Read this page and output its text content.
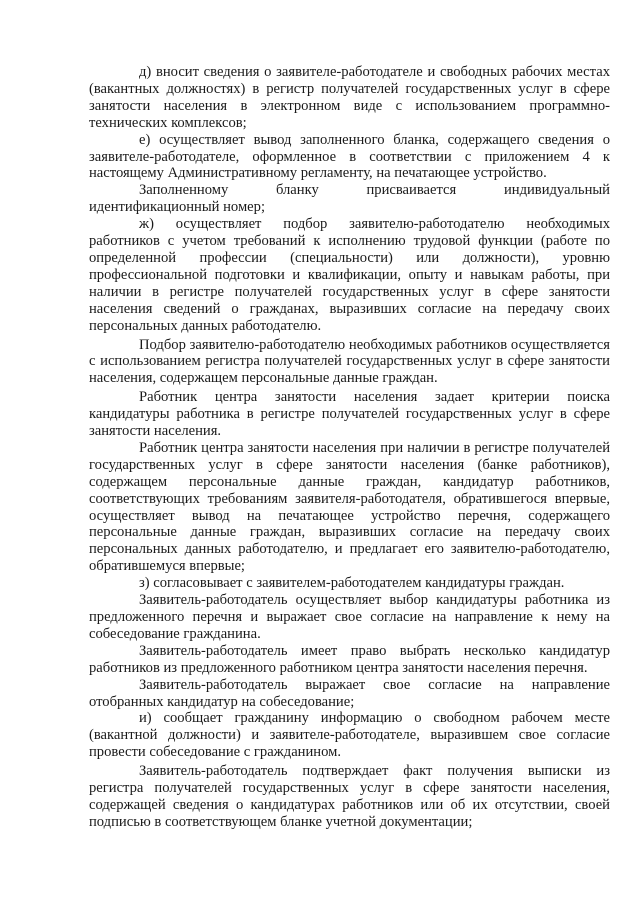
д) вносит сведения о заявителе-работодателе и свободных рабочих местах (вакантных должностях) в регистр получателей государственных услуг в сфере занятости населения в электронном виде с использованием программно-технических комплексов;

е) осуществляет вывод заполненного бланка, содержащего сведения о заявителе-работодателе, оформленное в соответствии с приложением 4 к настоящему Административному регламенту, на печатающее устройство.

Заполненному бланку присваивается индивидуальный идентификационный номер;

ж) осуществляет подбор заявителю-работодателю необходимых работников с учетом требований к исполнению трудовой функции (работе по определенной профессии (специальности) или должности), уровню профессиональной подготовки и квалификации, опыту и навыкам работы, при наличии в регистре получателей государственных услуг в сфере занятости населения сведений о гражданах, выразивших согласие на передачу своих персональных данных работодателю.

Подбор заявителю-работодателю необходимых работников осуществляется с использованием регистра получателей государственных услуг в сфере занятости населения, содержащем персональные данные граждан.

Работник центра занятости населения задает критерии поиска кандидатуры работника в регистре получателей государственных услуг в сфере занятости населения.

Работник центра занятости населения при наличии в регистре получателей государственных услуг в сфере занятости населения (банке работников), содержащем персональные данные граждан, кандидатур работников, соответствующих требованиям заявителя-работодателя, обратившегося впервые, осуществляет вывод на печатающее устройство перечня, содержащего персональные данные граждан, выразивших согласие на передачу своих персональных данных работодателю, и предлагает его заявителю-работодателю, обратившемуся впервые;

з) согласовывает с заявителем-работодателем кандидатуры граждан.

Заявитель-работодатель осуществляет выбор кандидатуры работника из предложенного перечня и выражает свое согласие на направление к нему на собеседование гражданина.

Заявитель-работодатель имеет право выбрать несколько кандидатур работников из предложенного работником центра занятости населения перечня.

Заявитель-работодатель выражает свое согласие на направление отобранных кандидатур на собеседование;

и) сообщает гражданину информацию о свободном рабочем месте (вакантной должности) и заявителе-работодателе, выразившем свое согласие провести собеседование с гражданином.

Заявитель-работодатель подтверждает факт получения выписки из регистра получателей государственных услуг в сфере занятости населения, содержащей сведения о кандидатурах работников или об их отсутствии, своей подписью в соответствующем бланке учетной документации;
